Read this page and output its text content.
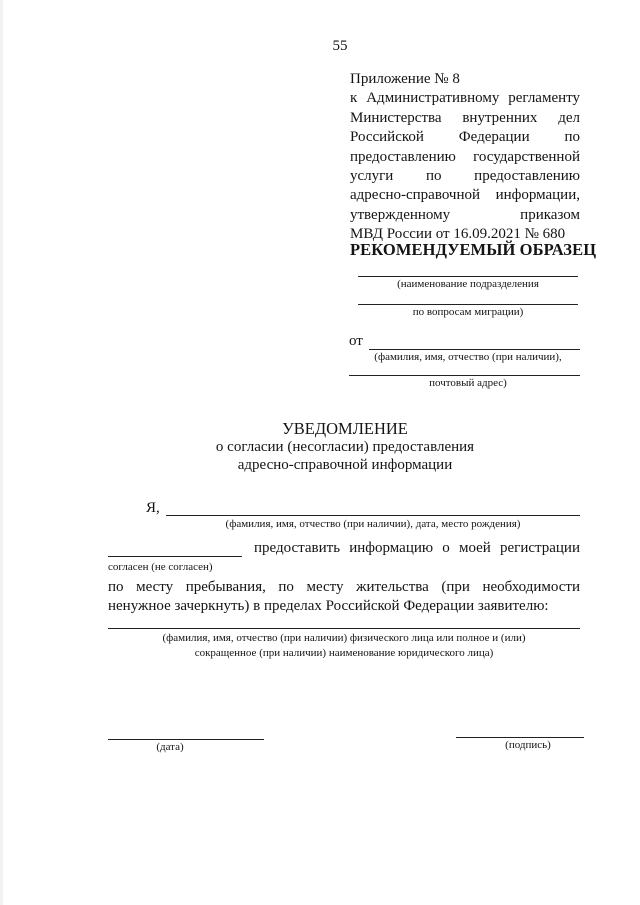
55
Приложение № 8
к Административному регламенту
Министерства внутренних дел
Российской Федерации по
предоставлению государственной
услуги по предоставлению
адресно-справочной информации,
утвержденному приказом
МВД России от 16.09.2021 № 680
РЕКОМЕНДУЕМЫЙ ОБРАЗЕЦ
(наименование подразделения
по вопросам миграции)
от
(фамилия, имя, отчество (при наличии),
почтовый адрес)
УВЕДОМЛЕНИЕ
о согласии (несогласии) предоставления
адресно-справочной информации
Я,
(фамилия, имя, отчество (при наличии), дата, место рождения)
предоставить информацию о моей регистрации
согласен (не согласен)
по месту пребывания, по месту жительства (при необходимости
ненужное зачеркнуть) в пределах Российской Федерации заявителю:
(фамилия, имя, отчество (при наличии) физического лица или полное и (или)
сокращенное (при наличии) наименование юридического лица)
(дата)	(подпись)
